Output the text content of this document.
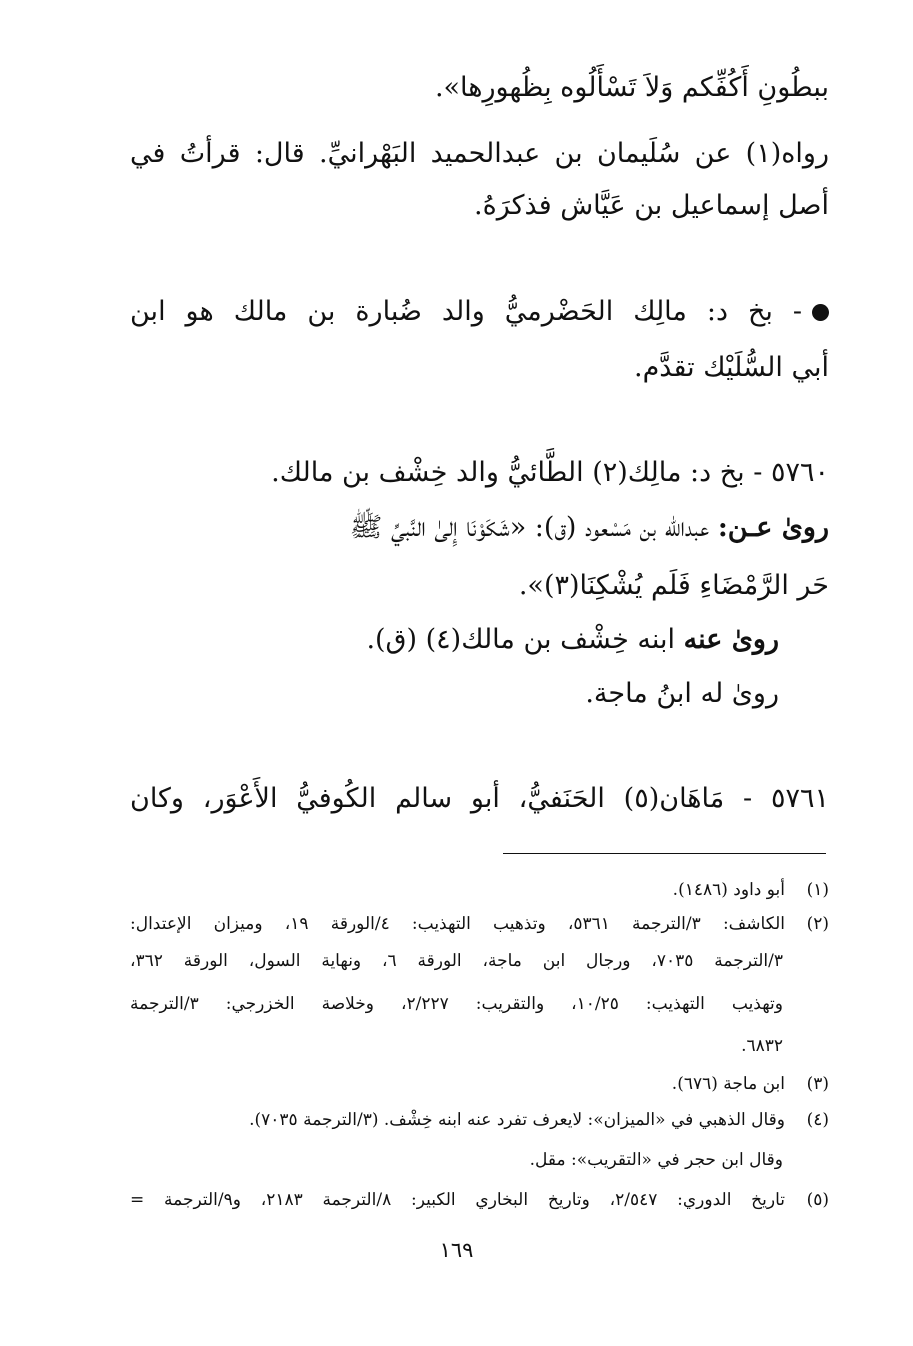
ببطُونِ أَكُفِّكم وَلاَ تَسْأَلُوه بِظُهورِها».
رواه(١) عن سُلَيمان بن عبدالحميد البَهْرانيِّ. قال: قرأتُ في
أصل إسماعيل بن عَيَّاش فذكرَهُ.
- بخ د: مالِك الحَضْرميُّ والد ضُبارة بن مالك هو ابن
أبي السُّلَيْك تقدَّم.
٥٧٦٠ - بخ د: مالِك(٢) الطَّائيُّ والد خِشْف بن مالك.
روىٰ عـن: عبدالله بن مَسْعود (ق): «شَكَوْنَا إِلىٰ النَّبيِّ ﷺ
حَر الرَّمْضَاءِ فَلَم يُشْكِنَا(٣)».
روىٰ عنه ابنه خِشْف بن مالك(٤) (ق).
روىٰ له ابنُ ماجة.
٥٧٦١ - مَاهَان(٥) الحَنَفيُّ، أبو سالم الكُوفيُّ الأَعْوَر، وكان
(١)أبو داود (١٤٨٦).
(٢)الكاشف: ٣/الترجمة ٥٣٦١، وتذهيب التهذيب: ٤/الورقة ١٩، وميزان الإعتدال:
٣/الترجمة ٧٠٣٥، ورجال ابن ماجة، الورقة ٦، ونهاية السول، الورقة ٣٦٢،
وتهذيب التهذيب: ١٠/٢٥، والتقريب: ٢/٢٢٧، وخلاصة الخزرجي: ٣/الترجمة
٦٨٣٢.
(٣)ابن ماجة (٦٧٦).
(٤)وقال الذهبي في «الميزان»: لايعرف تفرد عنه ابنه خِشْف. (٣/الترجمة ٧٠٣٥).
وقال ابن حجر في «التقريب»: مقل.
(٥)تاريخ الدوري: ٢/٥٤٧، وتاريخ البخاري الكبير: ٨/الترجمة ٢١٨٣، و٩/الترجمة =
١٦٩
